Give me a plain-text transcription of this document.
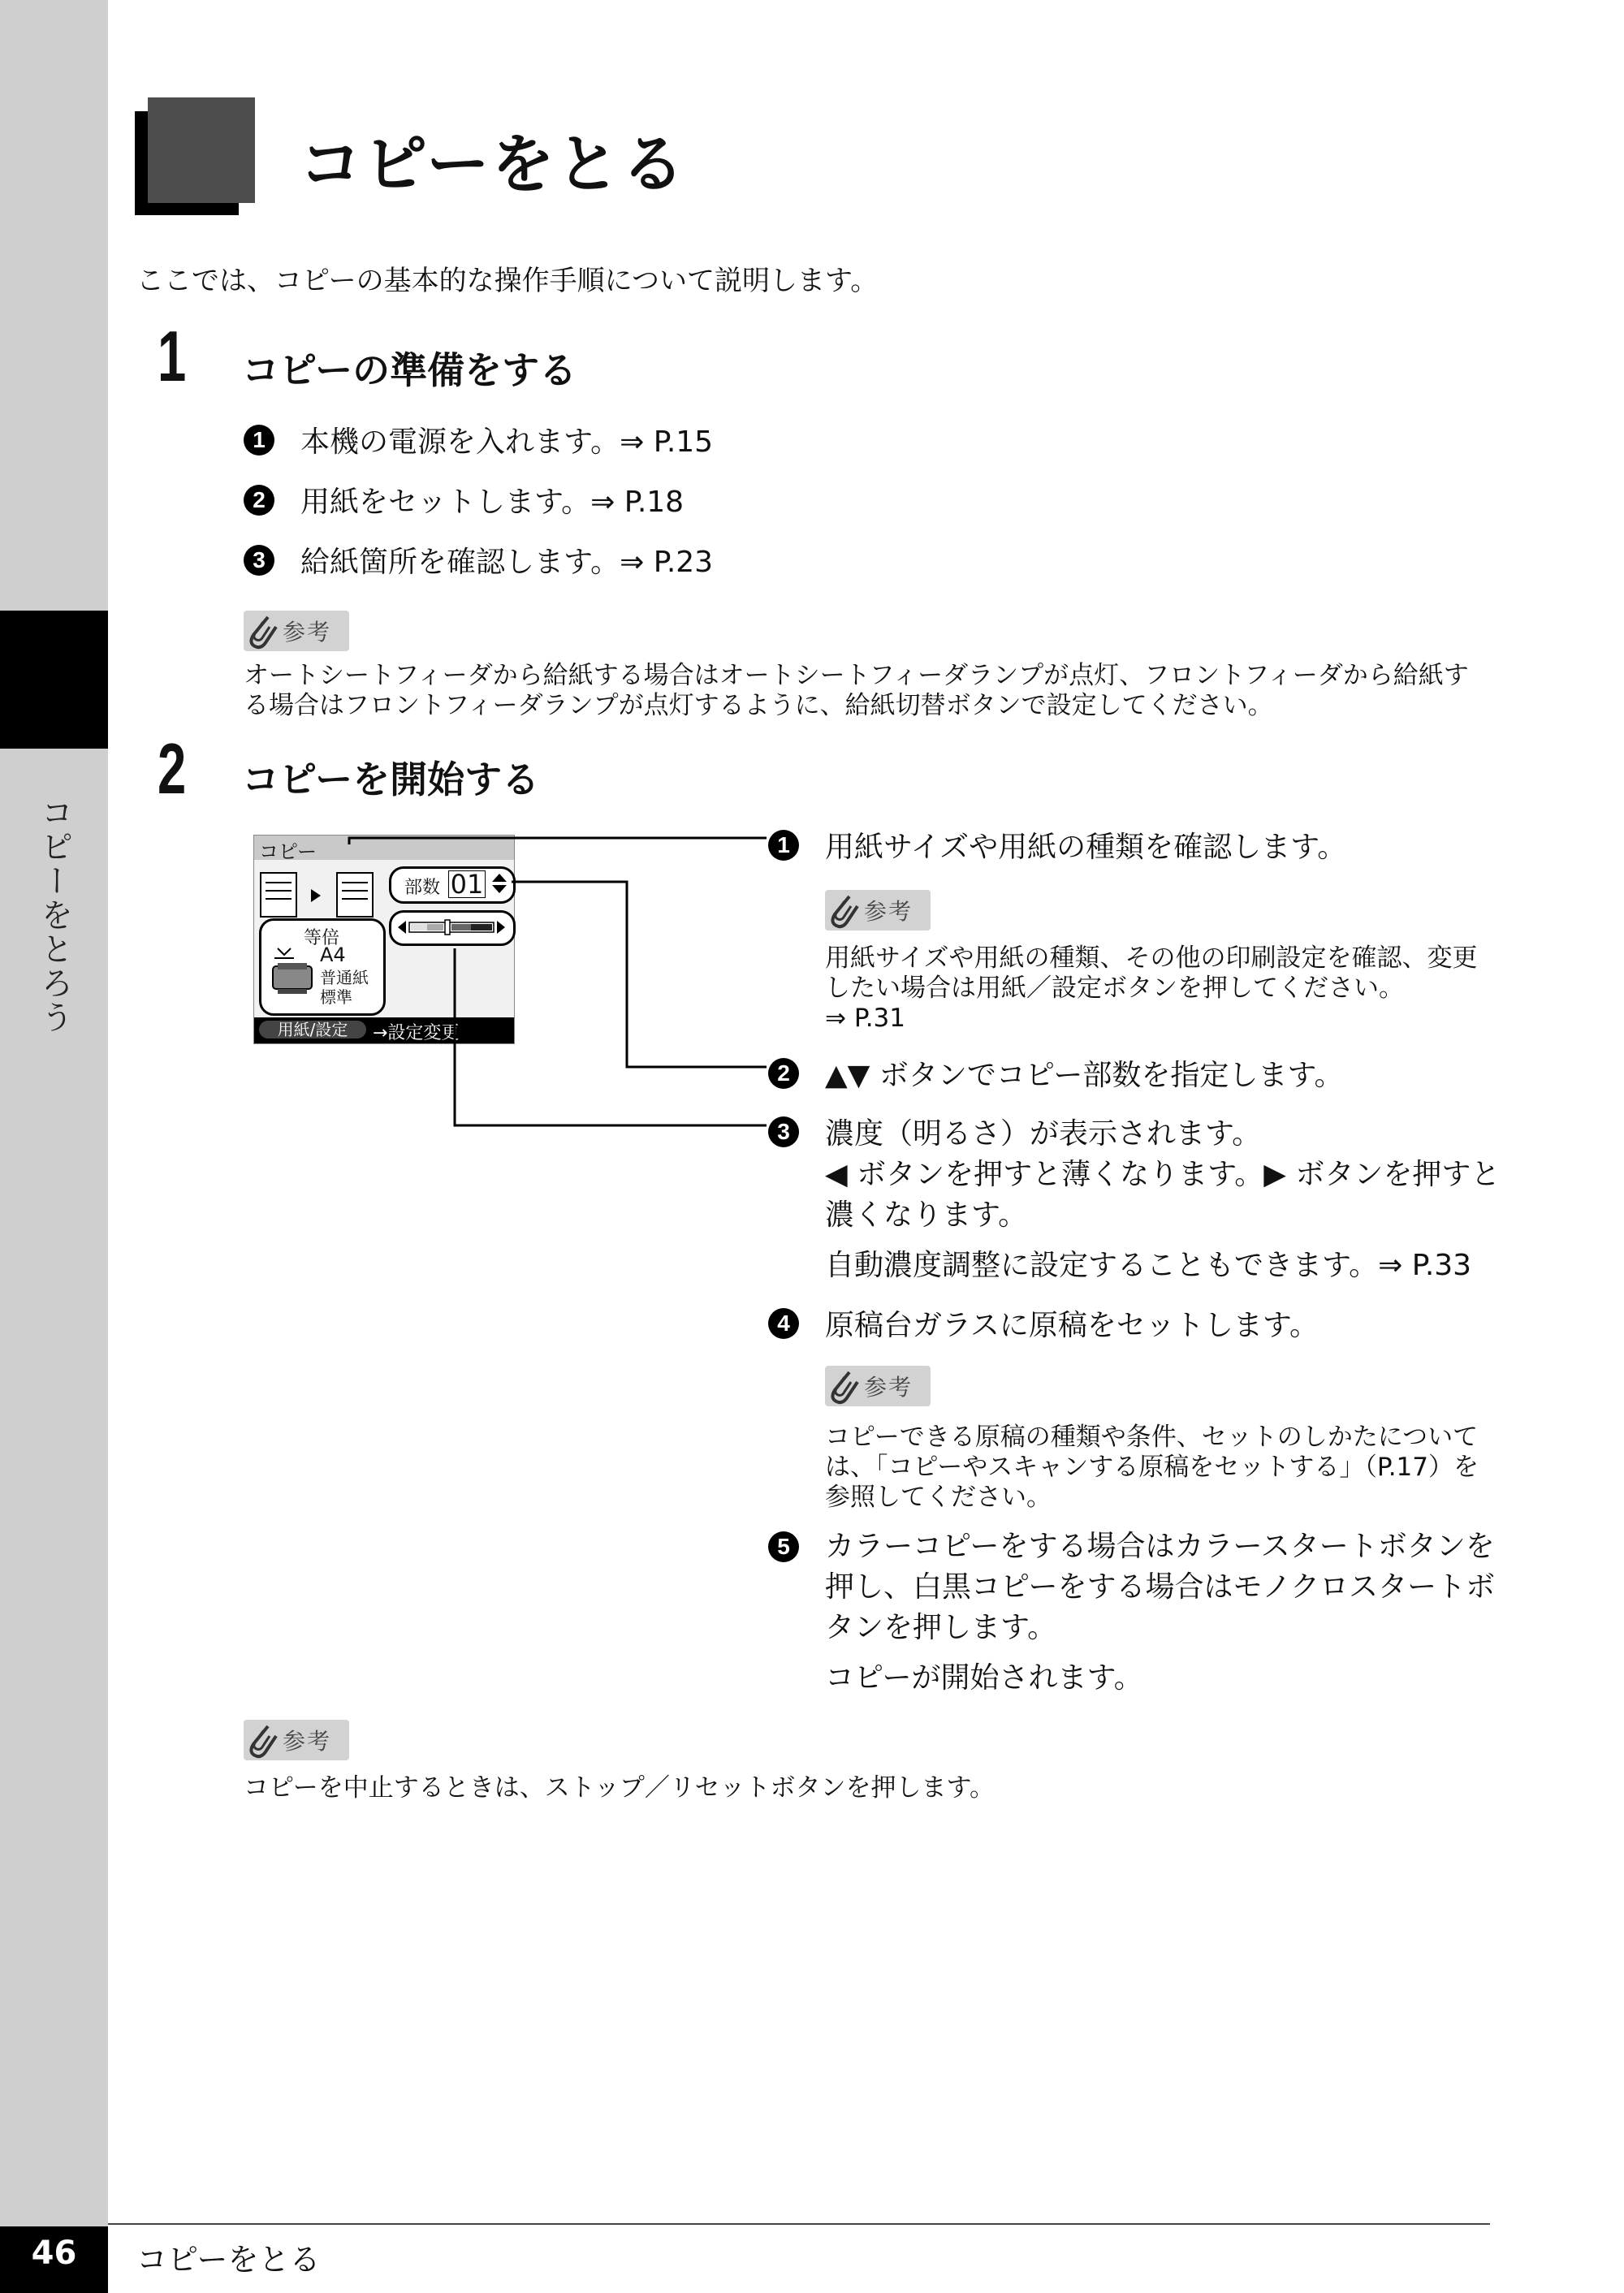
コピーをとろう
コピーをとる
ここでは、コピーの基本的な操作手順について説明します。
1 コピーの準備をする
1	本機の電源を入れます。⇒ P.15
2	用紙をセットします。⇒ P.18
3	給紙箇所を確認します。⇒ P.23
参考
オートシートフィーダから給紙する場合はオートシートフィーダランプが点灯、フロントフィーダから給紙す
る場合はフロントフィーダランプが点灯するように、給紙切替ボタンで設定してください。
2 コピーを開始する
コピー
部数 01
等倍
A4
普通紙
標準
用紙/設定	→設定変更
1	用紙サイズや用紙の種類を確認します。
参考
用紙サイズや用紙の種類、その他の印刷設定を確認、変更
したい場合は用紙／設定ボタンを押してください。
⇒ P.31
2	▲▼ ボタンでコピー部数を指定します。
3	濃度（明るさ）が表示されます。
◀ ボタンを押すと薄くなります。▶ ボタンを押すと
濃くなります。
自動濃度調整に設定することもできます。⇒ P.33
4	原稿台ガラスに原稿をセットします。
参考
コピーできる原稿の種類や条件、セットのしかたについて
は、「コピーやスキャンする原稿をセットする」（P.17）を
参照してください。
5	カラーコピーをする場合はカラースタートボタンを
押し、白黒コピーをする場合はモノクロスタートボ
タンを押します。
コピーが開始されます。
参考
コピーを中止するときは、ストップ／リセットボタンを押します。
46	コピーをとる
